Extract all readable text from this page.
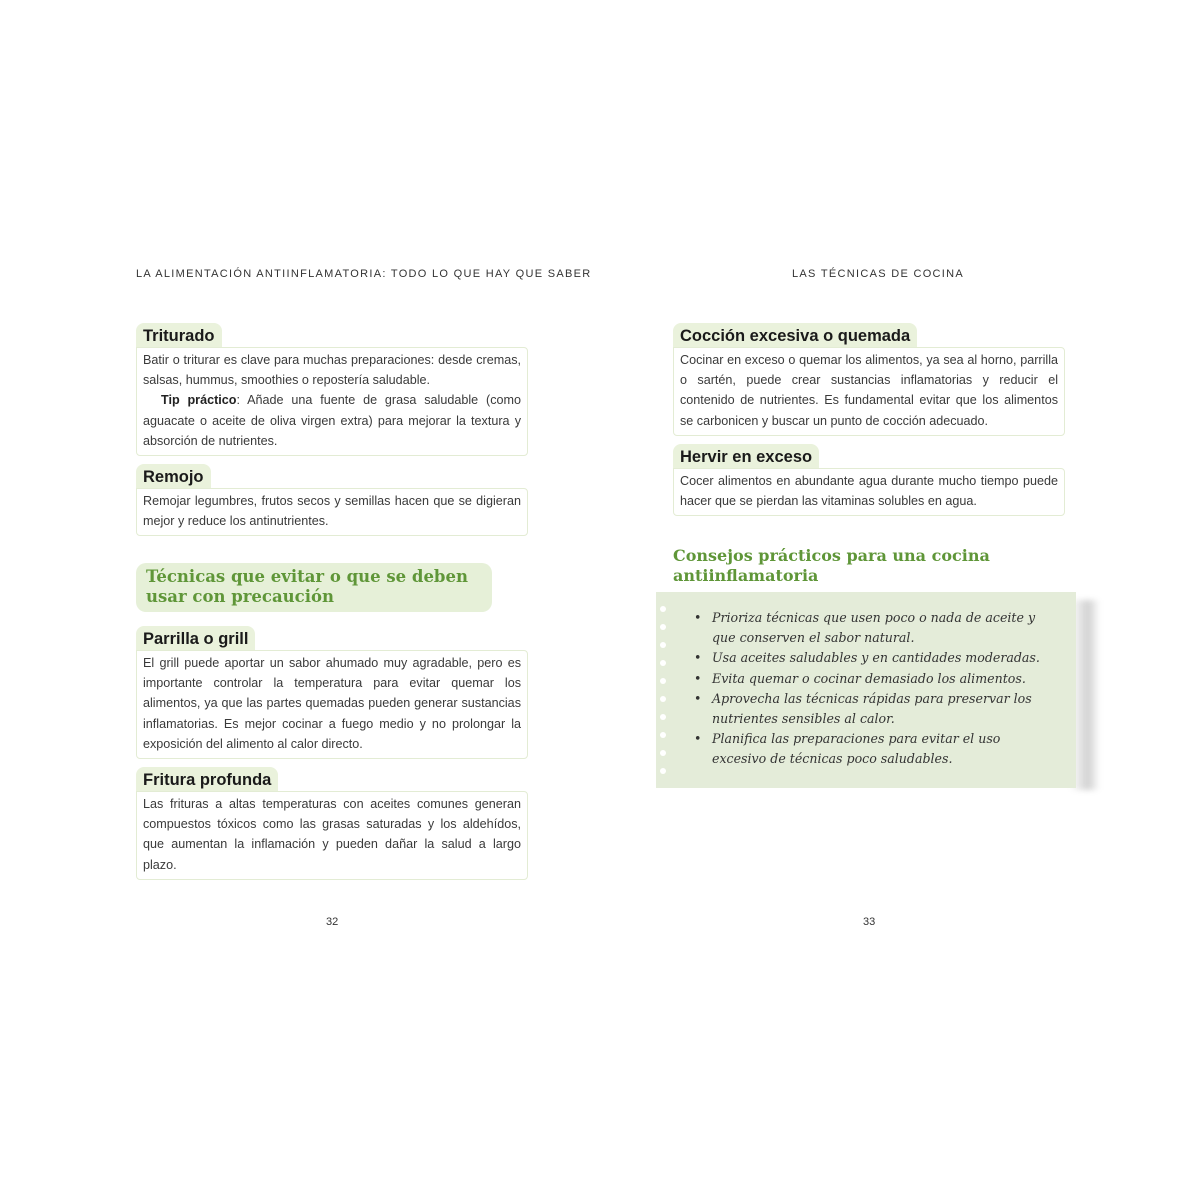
LA ALIMENTACIÓN ANTIINFLAMATORIA: TODO LO QUE HAY QUE SABER
Triturado

Batir o triturar es clave para muchas preparaciones: desde cremas, salsas, hummus, smoothies o repostería saludable.

Tip práctico: Añade una fuente de grasa saludable (como aguacate o aceite de oliva virgen extra) para mejorar la textura y absorción de nutrientes.

Remojo

Remojar legumbres, frutos secos y semillas hacen que se digieran mejor y reduce los antinutrientes.

Técnicas que evitar o que se deben usar con precaución
Parrilla o grill

El grill puede aportar un sabor ahumado muy agradable, pero es importante controlar la temperatura para evitar quemar los alimentos, ya que las partes quemadas pueden generar sustancias inflamatorias. Es mejor cocinar a fuego medio y no prolongar la exposición del alimento al calor directo.

Fritura profunda

Las frituras a altas temperaturas con aceites comunes generan compuestos tóxicos como las grasas saturadas y los aldehídos, que aumentan la inflamación y pueden dañar la salud a largo plazo.

32
LAS TÉCNICAS DE COCINA
Cocción excesiva o quemada

Cocinar en exceso o quemar los alimentos, ya sea al horno, parrilla o sartén, puede crear sustancias inflamatorias y reducir el contenido de nutrientes. Es fundamental evitar que los alimentos se carbonicen y buscar un punto de cocción adecuado.

Hervir en exceso

Cocer alimentos en abundante agua durante mucho tiempo puede hacer que se pierdan las vitaminas solubles en agua.

Consejos prácticos para una cocina antiinflamatoria
• Prioriza técnicas que usen poco o nada de aceite y que conserven el sabor natural.
• Usa aceites saludables y en cantidades moderadas.
• Evita quemar o cocinar demasiado los alimentos.
• Aprovecha las técnicas rápidas para preservar los nutrientes sensibles al calor.
• Planifica las preparaciones para evitar el uso excesivo de técnicas poco saludables.
33
